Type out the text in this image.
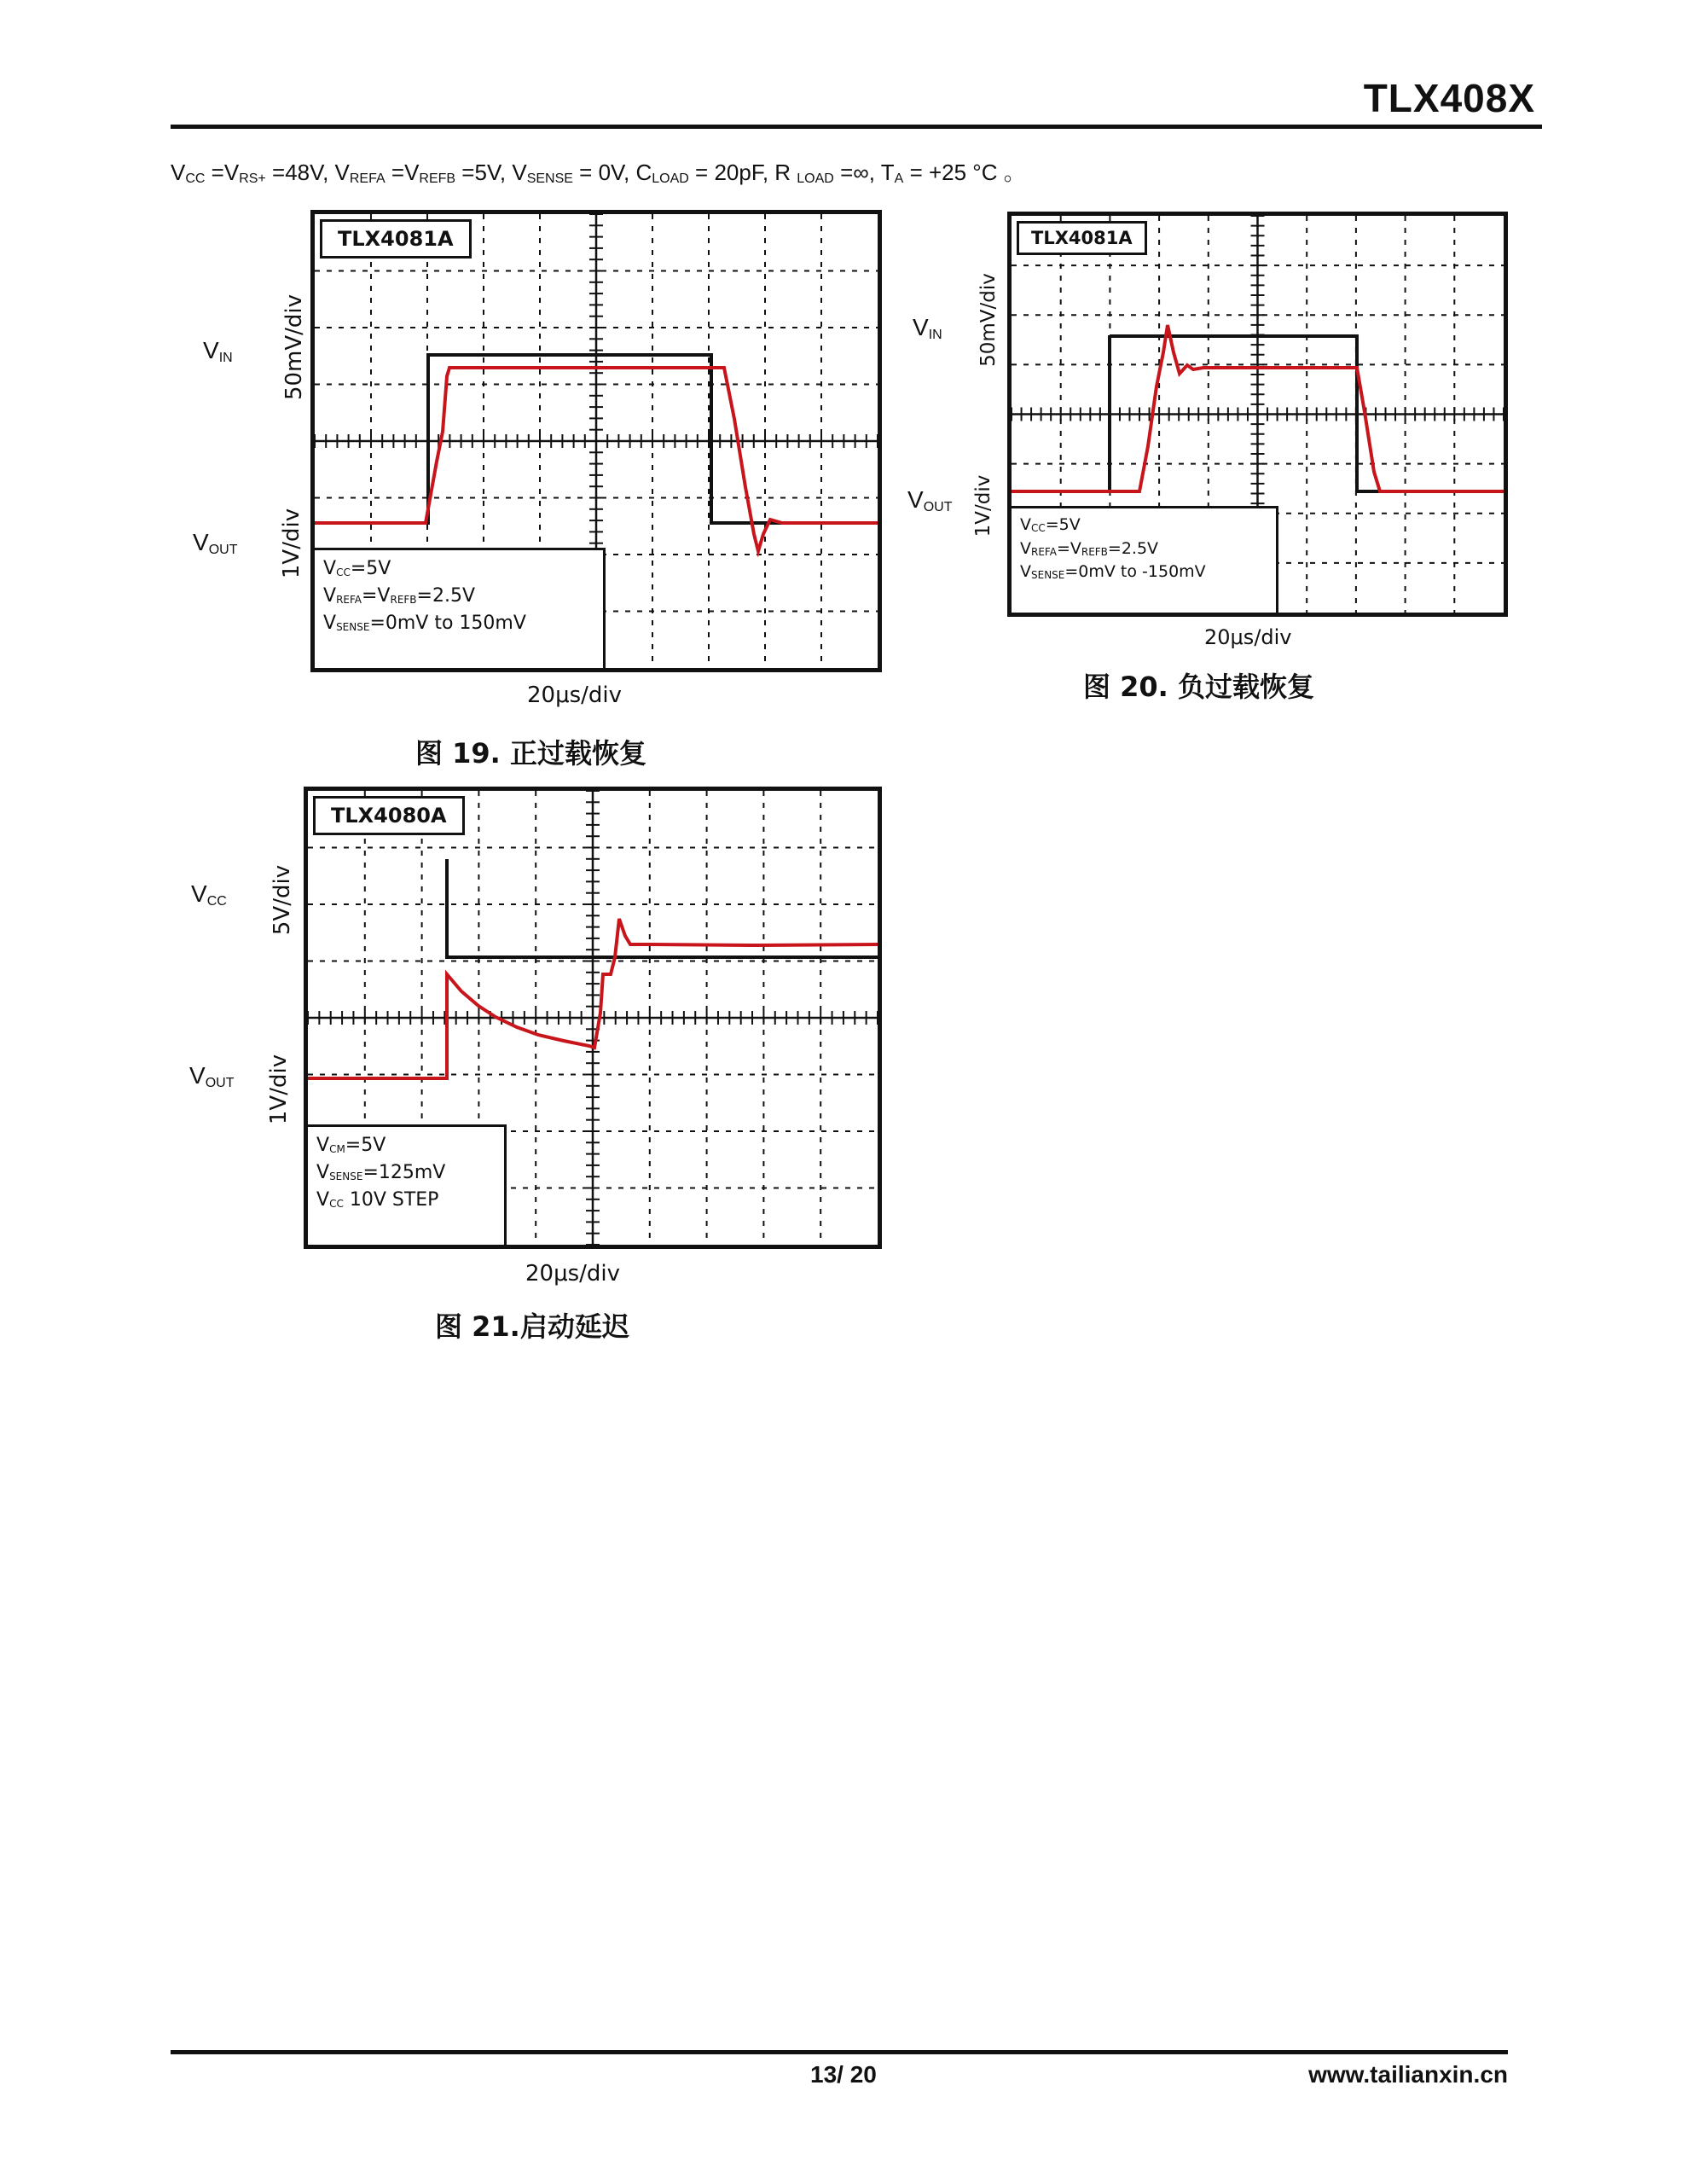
TLX408X
$V_{CC} =V_{RS+} =48V$, $V_{REFA} =V_{REFB} =5V$, $V_{SENSE} = 0V$, $C_{LOAD} = 20pF$, R $_{LOAD}$ =∞, $T_A = +25$ °C 。
$V_{IN}$
$V_{OUT}$
50mV/div
1V/div
TLX4081A
$V_{CC}=5V$
$V_{REFA}=V_{REFB}=2.5V$
$V_{SENSE}=0mV$ to 150mV
20μs/div
图 19. 正过载恢复
$V_{IN}$
$V_{OUT}$
50mV/div
1V/div
TLX4081A
$V_{CC}=5V$
$V_{REFA}=V_{REFB}=2.5V$
$V_{SENSE}=0mV$ to -150mV
20μs/div
图 20. 负过载恢复
$V_{CC}$
$V_{OUT}$
5V/div
1V/div
TLX4080A
$V_{CM}=5V$
$V_{SENSE}=125mV$
$V_{CC}$ 10V STEP
20μs/div
图 21.启动延迟
13/ 20	www.tailianxin.cn
